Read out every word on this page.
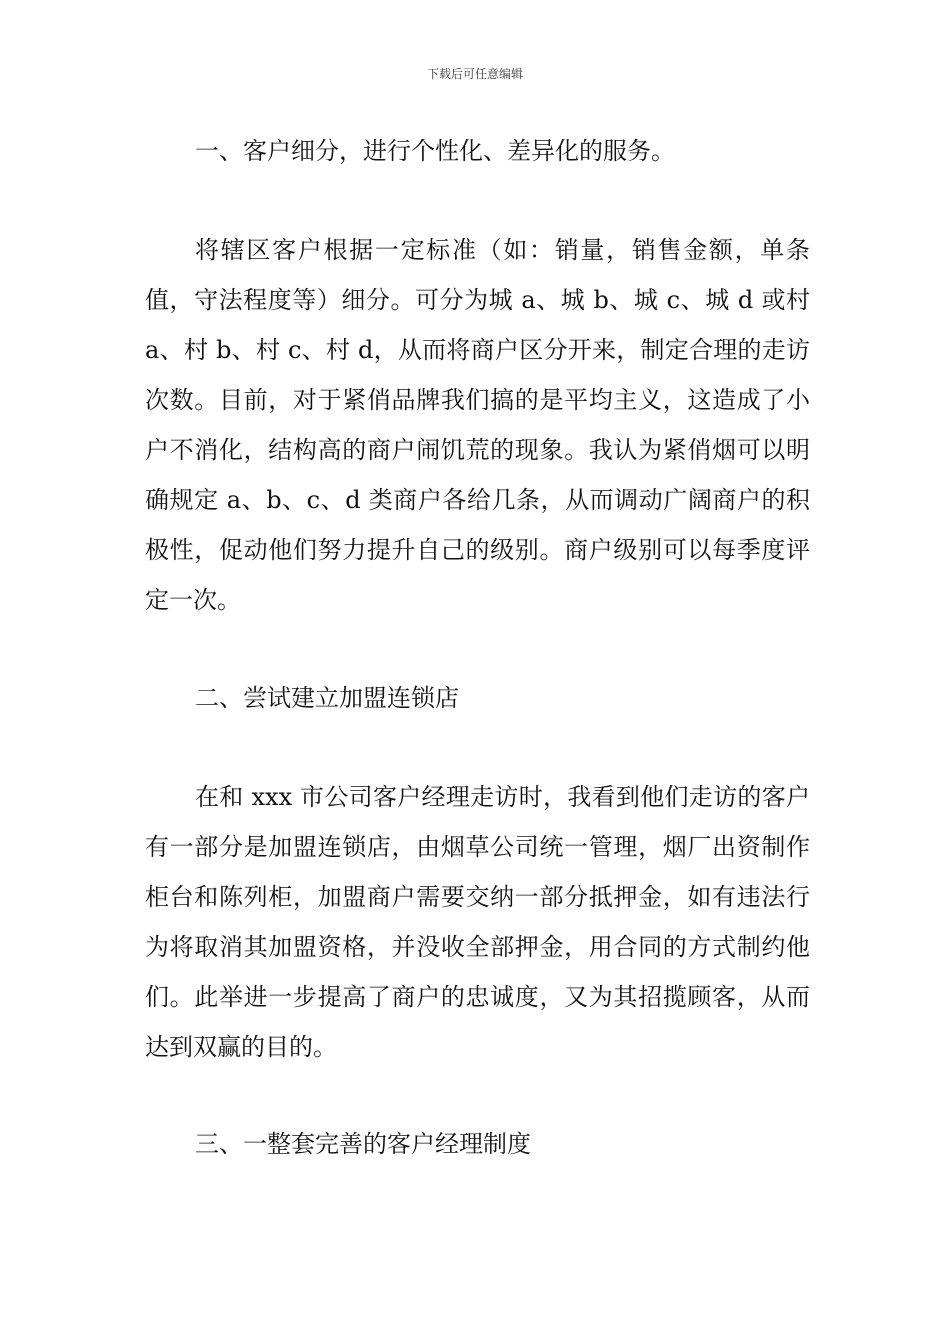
下载后可任意编辑

一、客户细分，进行个性化、差异化的服务。

将辖区客户根据一定标准（如：销量，销售金额，单条值，守法程度等）细分。可分为城 a、城 b、城 c、城 d 或村 a、村 b、村 c、村 d，从而将商户区分开来，制定合理的走访次数。目前，对于紧俏品牌我们搞的是平均主义，这造成了小户不消化，结构高的商户闹饥荒的现象。我认为紧俏烟可以明确规定 a、b、c、d 类商户各给几条，从而调动广阔商户的积极性，促动他们努力提升自己的级别。商户级别可以每季度评定一次。

二、尝试建立加盟连锁店

在和 xxx 市公司客户经理走访时，我看到他们走访的客户有一部分是加盟连锁店，由烟草公司统一管理，烟厂出资制作柜台和陈列柜，加盟商户需要交纳一部分抵押金，如有违法行为将取消其加盟资格，并没收全部押金，用合同的方式制约他们。此举进一步提高了商户的忠诚度，又为其招揽顾客，从而达到双赢的目的。

三、一整套完善的客户经理制度
